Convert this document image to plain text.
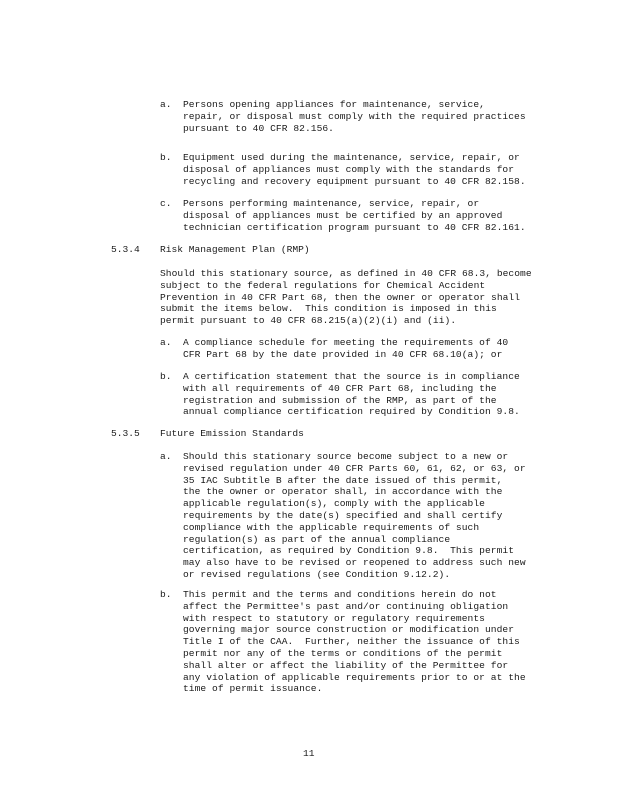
a. Persons opening appliances for maintenance, service,
repair, or disposal must comply with the required practices
pursuant to 40 CFR 82.156.
b. Equipment used during the maintenance, service, repair, or
disposal of appliances must comply with the standards for
recycling and recovery equipment pursuant to 40 CFR 82.158.
c. Persons performing maintenance, service, repair, or
disposal of appliances must be certified by an approved
technician certification program pursuant to 40 CFR 82.161.
5.3.4 Risk Management Plan (RMP)
Should this stationary source, as defined in 40 CFR 68.3, become
subject to the federal regulations for Chemical Accident
Prevention in 40 CFR Part 68, then the owner or operator shall
submit the items below.  This condition is imposed in this
permit pursuant to 40 CFR 68.215(a)(2)(i) and (ii).
a. A compliance schedule for meeting the requirements of 40
CFR Part 68 by the date provided in 40 CFR 68.10(a); or
b. A certification statement that the source is in compliance
with all requirements of 40 CFR Part 68, including the
registration and submission of the RMP, as part of the
annual compliance certification required by Condition 9.8.
5.3.5 Future Emission Standards
a. Should this stationary source become subject to a new or
revised regulation under 40 CFR Parts 60, 61, 62, or 63, or
35 IAC Subtitle B after the date issued of this permit,
the the owner or operator shall, in accordance with the
applicable regulation(s), comply with the applicable
requirements by the date(s) specified and shall certify
compliance with the applicable requirements of such
regulation(s) as part of the annual compliance
certification, as required by Condition 9.8.  This permit
may also have to be revised or reopened to address such new
or revised regulations (see Condition 9.12.2).
b. This permit and the terms and conditions herein do not
affect the Permittee's past and/or continuing obligation
with respect to statutory or regulatory requirements
governing major source construction or modification under
Title I of the CAA.  Further, neither the issuance of this
permit nor any of the terms or conditions of the permit
shall alter or affect the liability of the Permittee for
any violation of applicable requirements prior to or at the
time of permit issuance.
11
